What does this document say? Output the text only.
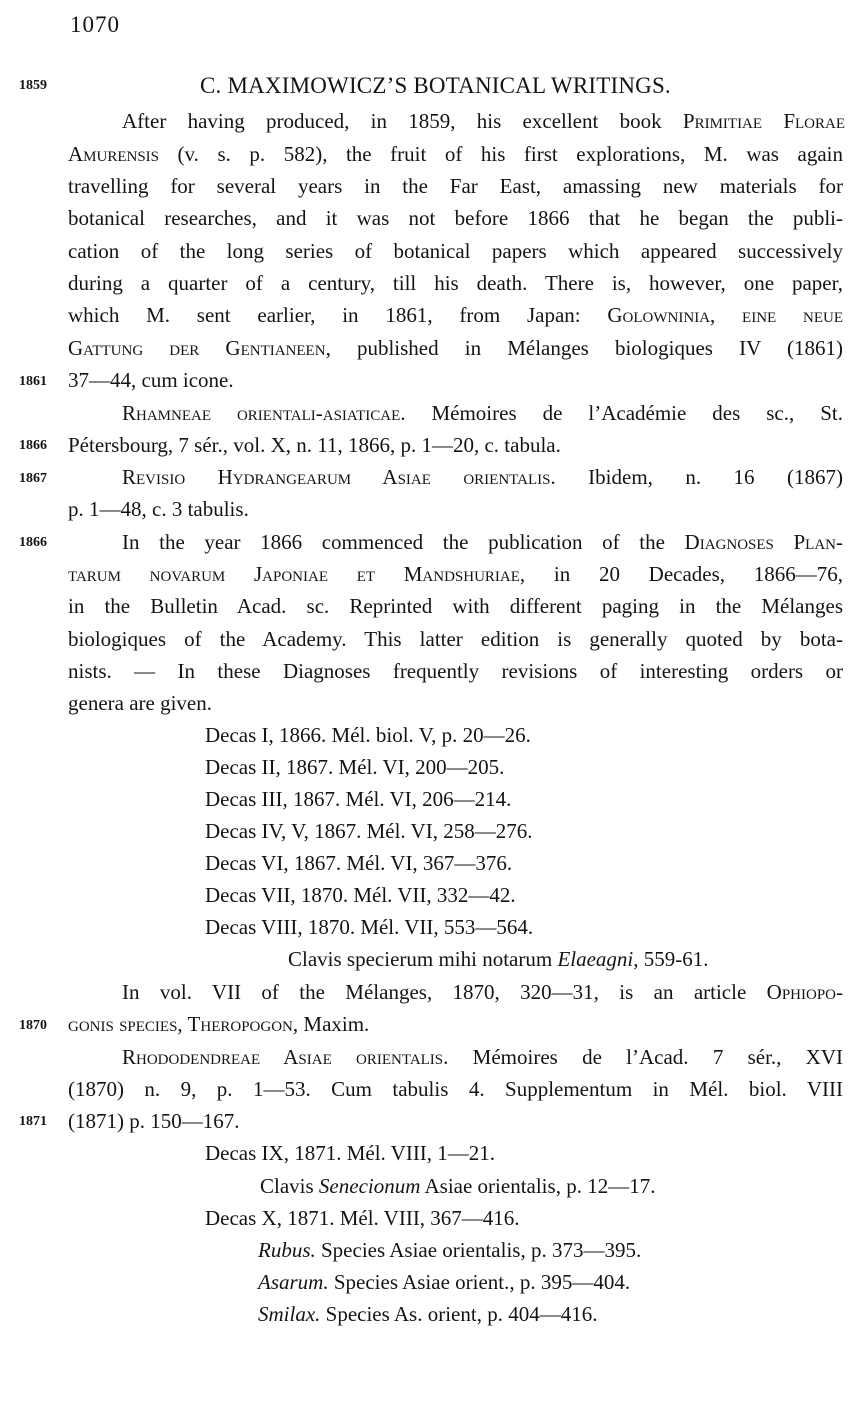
1070
1859	C. MAXIMOWICZ’S BOTANICAL WRITINGS.
After having produced, in 1859, his excellent book Primitiae Florae
Amurensis (v. s. p. 582), the fruit of his first explorations, M. was again
travelling for several years in the Far East, amassing new materials for
botanical researches, and it was not before 1866 that he began the publi-
cation of the long series of botanical papers which appeared successively
during a quarter of a century, till his death. There is, however, one paper,
which M. sent earlier, in 1861, from Japan: Golowninia, eine neue
Gattung der Gentianeen, published in Mélanges biologiques IV (1861)
1861 37—44, cum icone.
Rhamneae orientali-asiaticae. Mémoires de l’Académie des sc., St.
1866 Pétersbourg, 7 sér., vol. X, n. 11, 1866, p. 1—20, c. tabula.
1867	Revisio Hydrangearum Asiae orientalis. Ibidem, n. 16 (1867)
p. 1—48, c. 3 tabulis.
1866	In the year 1866 commenced the publication of the Diagnoses Plan-
tarum novarum Japoniae et Mandshuriae, in 20 Decades, 1866—76,
in the Bulletin Acad. sc. Reprinted with different paging in the Mélanges
biologiques of the Academy. This latter edition is generally quoted by bota-
nists. — In these Diagnoses frequently revisions of interesting orders or
genera are given.
Decas I, 1866. Mél. biol. V, p. 20—26.
Decas II, 1867. Mél. VI, 200—205.
Decas III, 1867. Mél. VI, 206—214.
Decas IV, V, 1867. Mél. VI, 258—276.
Decas VI, 1867. Mél. VI, 367—376.
Decas VII, 1870. Mél. VII, 332—42.
Decas VIII, 1870. Mél. VII, 553—564.
Clavis specierum mihi notarum Elaeagni, 559-61.
In vol. VII of the Mélanges, 1870, 320—31, is an article Ophiopo-
1870 gonis species, Theropogon, Maxim.
Rhododendreae Asiae orientalis. Mémoires de l’Acad. 7 sér., XVI
(1870) n. 9, p. 1—53. Cum tabulis 4. Supplementum in Mél. biol. VIII
1871 (1871) p. 150—167.
Decas IX, 1871. Mél. VIII, 1—21.
Clavis Senecionum Asiae orientalis, p. 12—17.
Decas X, 1871. Mél. VIII, 367—416.
Rubus. Species Asiae orientalis, p. 373—395.
Asarum. Species Asiae orient., p. 395—404.
Smilax. Species As. orient, p. 404—416.
